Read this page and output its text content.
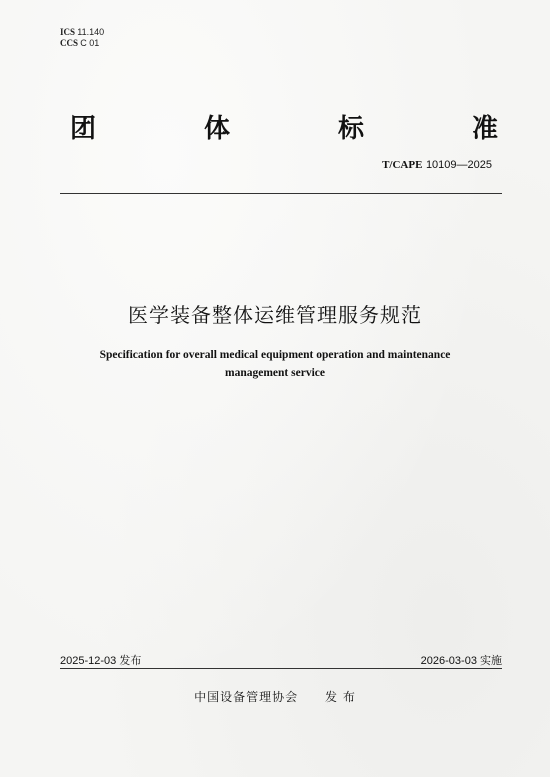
ICS 11.140
CCS C 01
团	体	标	准
T/CAPE 10109—2025
医学装备整体运维管理服务规范
Specification for overall medical equipment operation and maintenance
management service
2025-12-03 发布	2026-03-03 实施
中国设备管理协会 发 布
